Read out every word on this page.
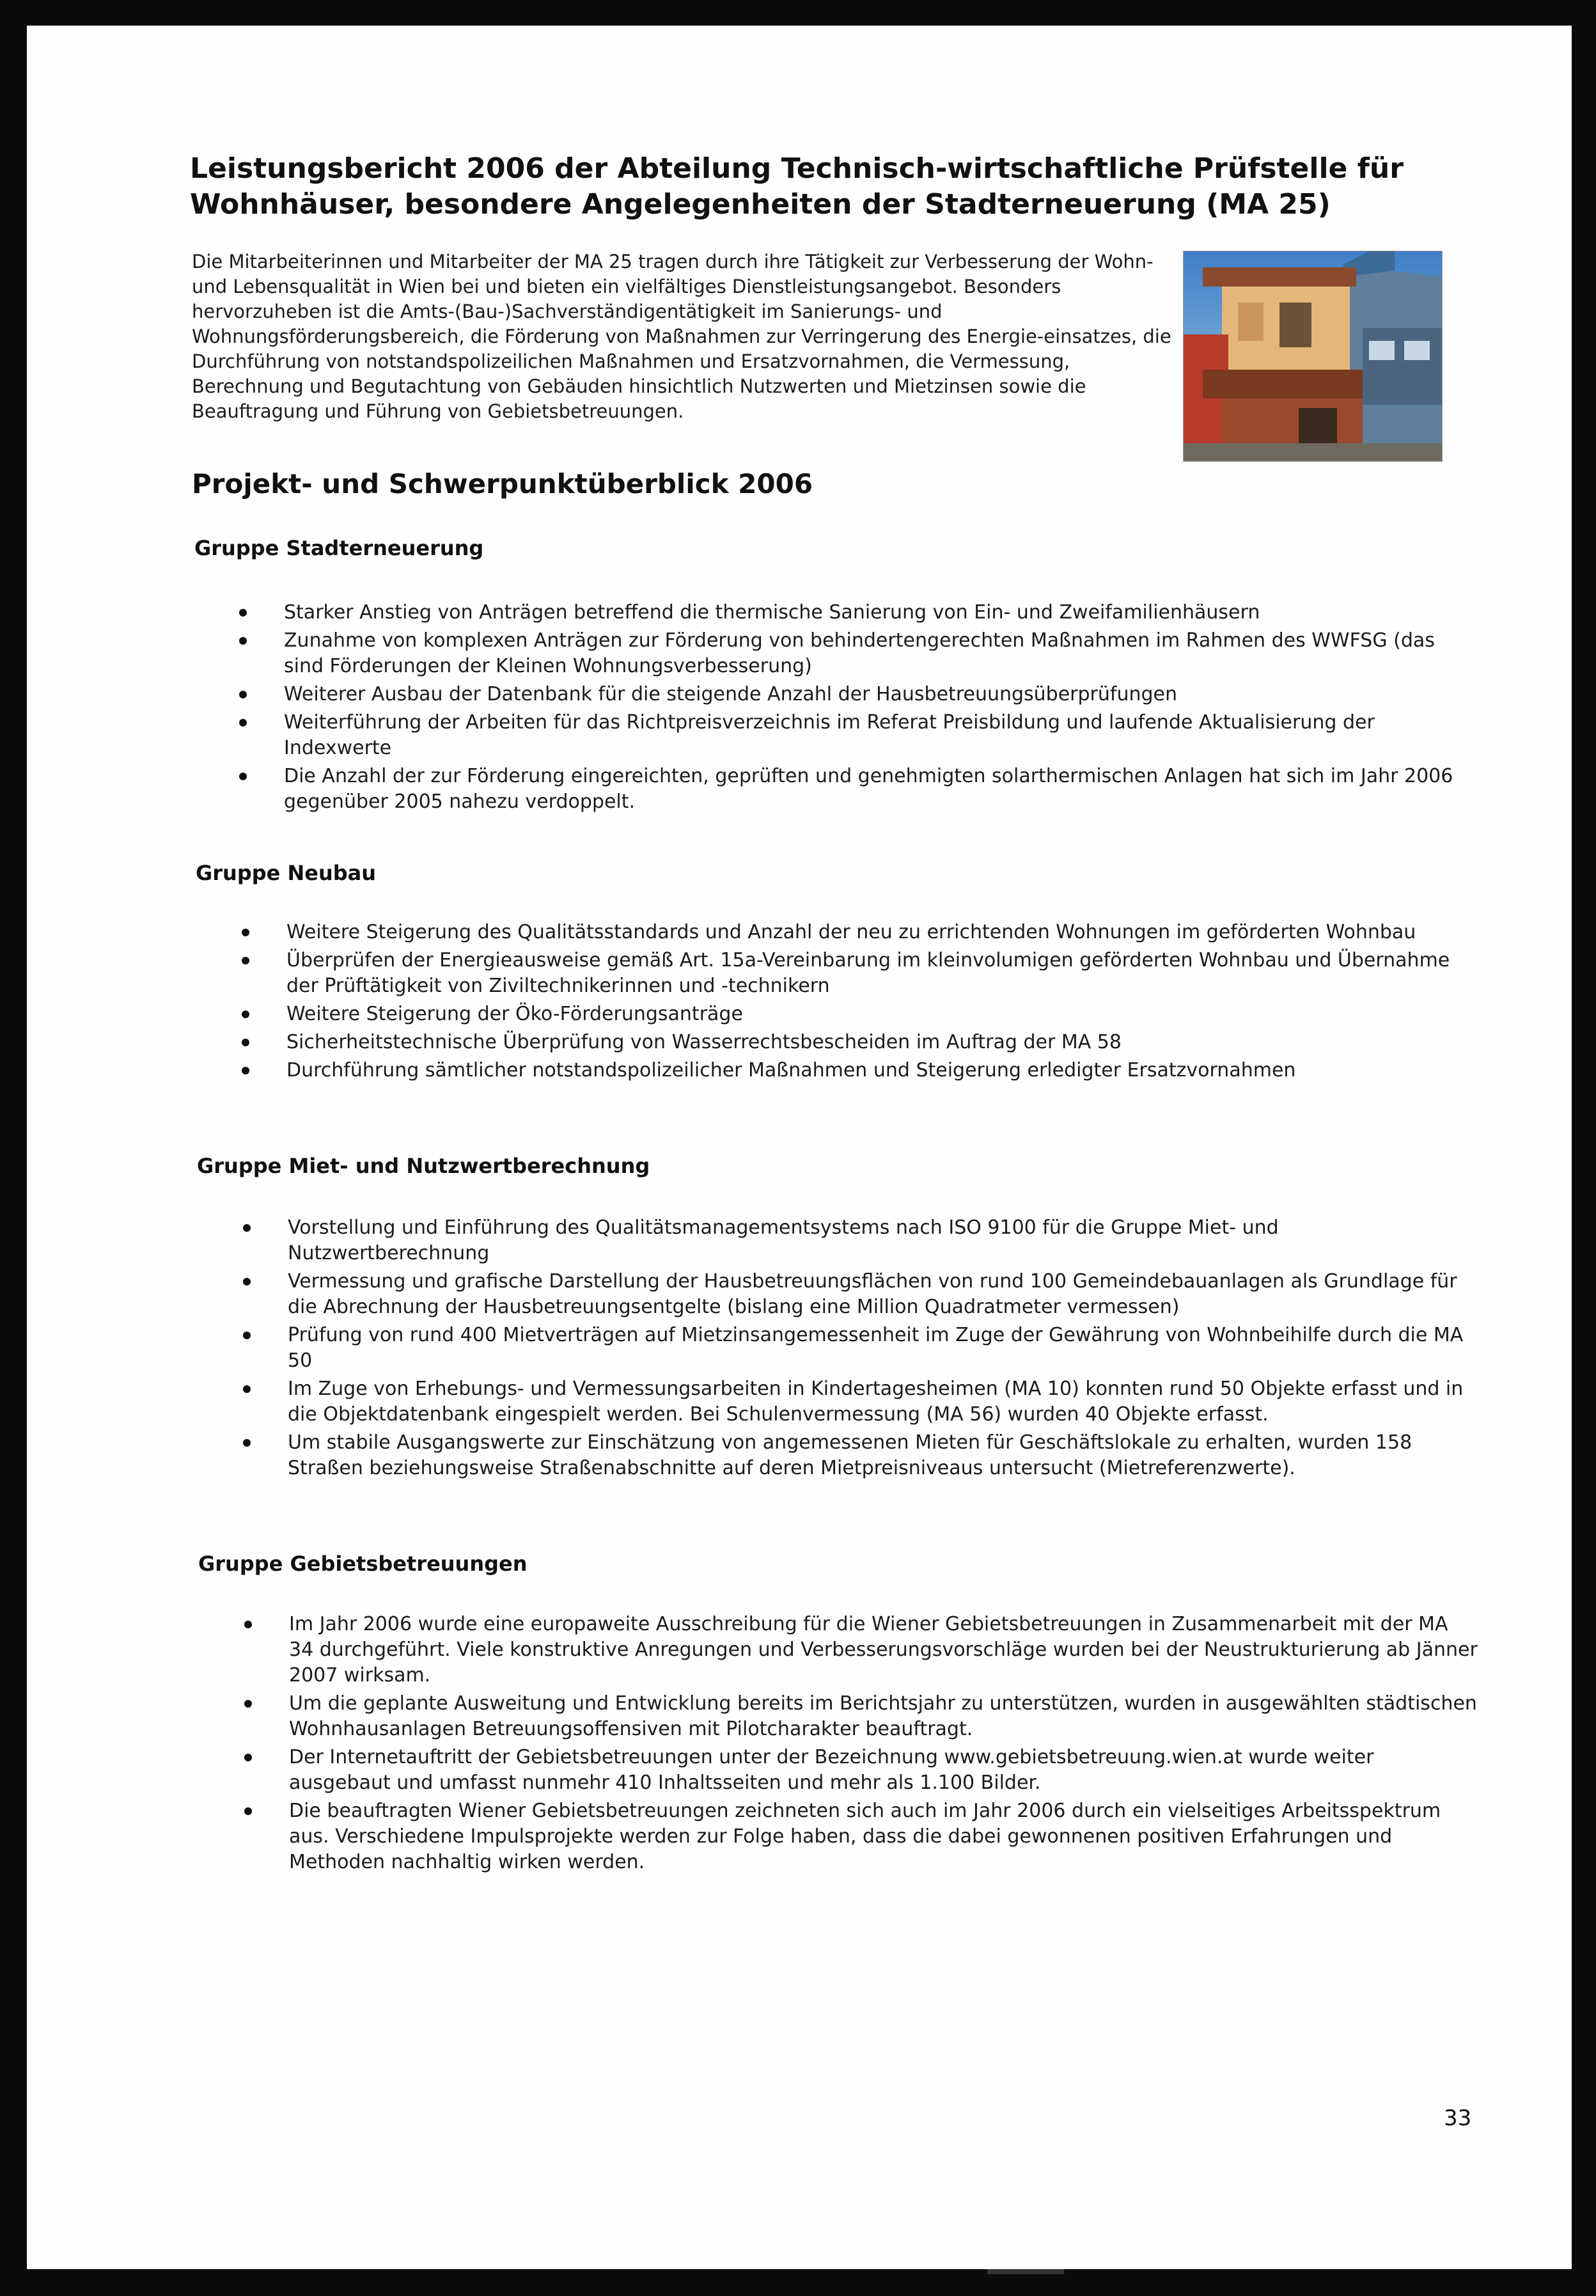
Leistungsbericht 2006 der Abteilung Technisch-wirtschaftliche Prüfstelle für Wohnhäuser, besondere Angelegenheiten der Stadterneuerung (MA 25)
Die Mitarbeiterinnen und Mitarbeiter der MA 25 tragen durch ihre Tätigkeit zur Verbesserung der Wohn- und Lebensqualität in Wien bei und bieten ein vielfältiges Dienstleistungsangebot. Besonders hervorzuheben ist die Amts-(Bau-)Sachverständigentätigkeit im Sanierungs- und Wohnungsförderungsbereich, die Förderung von Maßnahmen zur Verringerung des Energie-einsatzes, die Durchführung von notstandspolizeilichen Maßnahmen und Ersatzvornahmen, die Vermessung, Berechnung und Begutachtung von Gebäuden hinsichtlich Nutzwerten und Mietzinsen sowie die Beauftragung und Führung von Gebietsbetreuungen.
Projekt- und Schwerpunktüberblick 2006
Gruppe Stadterneuerung
Starker Anstieg von Anträgen betreffend die thermische Sanierung von Ein- und Zweifamilienhäusern
Zunahme von komplexen Anträgen zur Förderung von behindertengerechten Maßnahmen im Rahmen des WWFSG (das sind Förderungen der Kleinen Wohnungsverbesserung)
Weiterer Ausbau der Datenbank für die steigende Anzahl der Hausbetreuungsüberprüfungen
Weiterführung der Arbeiten für das Richtpreisverzeichnis im Referat Preisbildung und laufende Aktualisierung der Indexwerte
Die Anzahl der zur Förderung eingereichten, geprüften und genehmigten solarthermischen Anlagen hat sich im Jahr 2006 gegenüber 2005 nahezu verdoppelt.
Gruppe Neubau
Weitere Steigerung des Qualitätsstandards und Anzahl der neu zu errichtenden Wohnungen im geförderten Wohnbau
Überprüfen der Energieausweise gemäß Art. 15a-Vereinbarung im kleinvolumigen geförderten Wohnbau und Übernahme der Prüftätigkeit von Ziviltechnikerinnen und -technikern
Weitere Steigerung der Öko-Förderungsanträge
Sicherheitstechnische Überprüfung von Wasserrechtsbescheiden im Auftrag der MA 58
Durchführung sämtlicher notstandspolizeilicher Maßnahmen und Steigerung erledigter Ersatzvornahmen
Gruppe Miet- und Nutzwertberechnung
Vorstellung und Einführung des Qualitätsmanagementsystems nach ISO 9100 für die Gruppe Miet- und Nutzwertberechnung
Vermessung und grafische Darstellung der Hausbetreuungsflächen von rund 100 Gemeindebauanlagen als Grundlage für die Abrechnung der Hausbetreuungsentgelte (bislang eine Million Quadratmeter vermessen)
Prüfung von rund 400 Mietverträgen auf Mietzinsangemessenheit im Zuge der Gewährung von Wohnbeihilfe durch die MA 50
Im Zuge von Erhebungs- und Vermessungsarbeiten in Kindertagesheimen (MA 10) konnten rund 50 Objekte erfasst und in die Objektdatenbank eingespielt werden. Bei Schulenvermessung (MA 56) wurden 40 Objekte erfasst.
Um stabile Ausgangswerte zur Einschätzung von angemessenen Mieten für Geschäftslokale zu erhalten, wurden 158 Straßen beziehungsweise Straßenabschnitte auf deren Mietpreisniveaus untersucht (Mietreferenzwerte).
Gruppe Gebietsbetreuungen
Im Jahr 2006 wurde eine europaweite Ausschreibung für die Wiener Gebietsbetreuungen in Zusammenarbeit mit der MA 34 durchgeführt. Viele konstruktive Anregungen und Verbesserungsvorschläge wurden bei der Neustrukturierung ab Jänner 2007 wirksam.
Um die geplante Ausweitung und Entwicklung bereits im Berichtsjahr zu unterstützen, wurden in ausgewählten städtischen Wohnhausanlagen Betreuungsoffensiven mit Pilotcharakter beauftragt.
Der Internetauftritt der Gebietsbetreuungen unter der Bezeichnung www.gebietsbetreuung.wien.at wurde weiter ausgebaut und umfasst nunmehr 410 Inhaltsseiten und mehr als 1.100 Bilder.
Die beauftragten Wiener Gebietsbetreuungen zeichneten sich auch im Jahr 2006 durch ein vielseitiges Arbeitsspektrum aus. Verschiedene Impulsprojekte werden zur Folge haben, dass die dabei gewonnenen positiven Erfahrungen und Methoden nachhaltig wirken werden.
33
